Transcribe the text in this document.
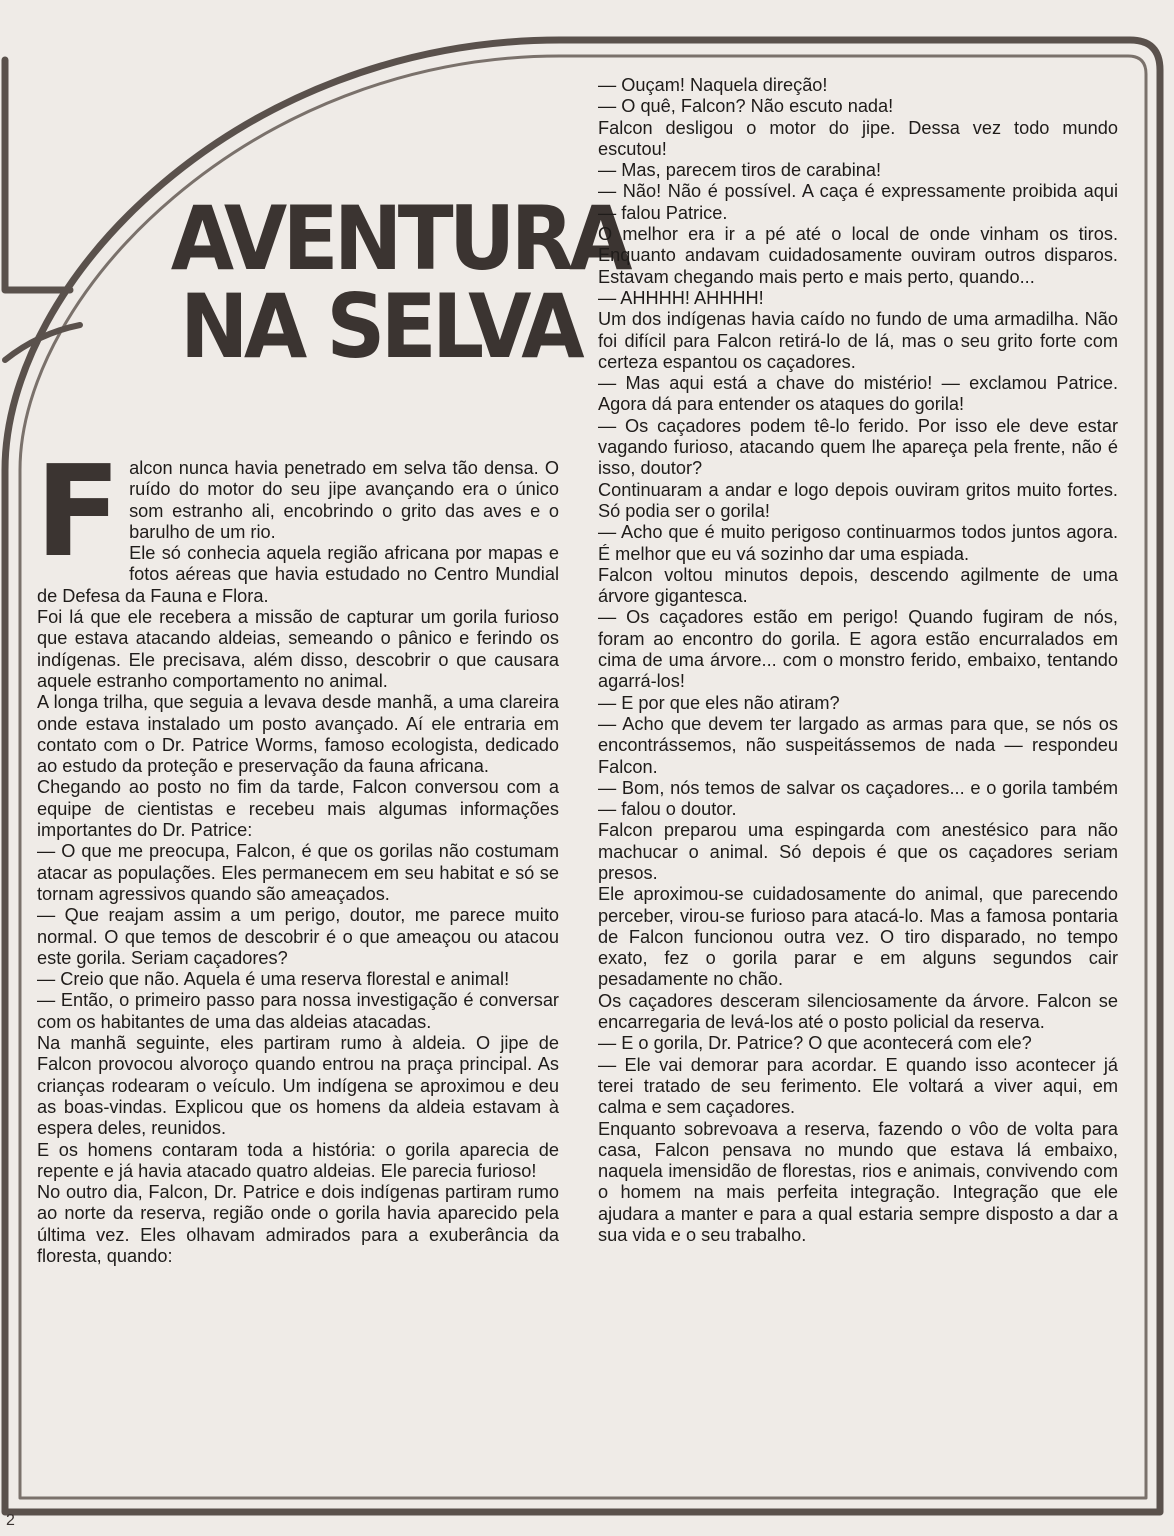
AVENTURA
NA SELVA
F alcon nunca havia penetrado em selva tão densa. O ruído do motor do seu jipe avançando era o único som estranho ali, encobrindo o grito das aves e o barulho de um rio.

Ele só conhecia aquela região africana por mapas e fotos aéreas que havia estudado no Centro Mundial de Defesa da Fauna e Flora.

Foi lá que ele recebera a missão de capturar um gorila furioso que estava atacando aldeias, semeando o pânico e ferindo os indígenas. Ele precisava, além disso, descobrir o que causara aquele estranho comportamento no animal.

A longa trilha, que seguia a levava desde manhã, a uma clareira onde estava instalado um posto avançado. Aí ele entraria em contato com o Dr. Patrice Worms, famoso ecologista, dedicado ao estudo da proteção e preservação da fauna africana.

Chegando ao posto no fim da tarde, Falcon conversou com a equipe de cientistas e recebeu mais algumas informações importantes do Dr. Patrice:

— O que me preocupa, Falcon, é que os gorilas não costumam atacar as populações. Eles permanecem em seu habitat e só se tornam agressivos quando são ameaçados.

— Que reajam assim a um perigo, doutor, me parece muito normal. O que temos de descobrir é o que ameaçou ou atacou este gorila. Seriam caçadores?

— Creio que não. Aquela é uma reserva florestal e animal!

— Então, o primeiro passo para nossa investigação é conversar com os habitantes de uma das aldeias atacadas.

Na manhã seguinte, eles partiram rumo à aldeia. O jipe de Falcon provocou alvoroço quando entrou na praça principal. As crianças rodearam o veículo. Um indígena se aproximou e deu as boas-vindas. Explicou que os homens da aldeia estavam à espera deles, reunidos.

E os homens contaram toda a história: o gorila aparecia de repente e já havia atacado quatro aldeias. Ele parecia furioso!

No outro dia, Falcon, Dr. Patrice e dois indígenas partiram rumo ao norte da reserva, região onde o gorila havia aparecido pela última vez. Eles olhavam admirados para a exuberância da floresta, quando:

— Ouçam! Naquela direção!

— O quê, Falcon? Não escuto nada!

Falcon desligou o motor do jipe. Dessa vez todo mundo escutou!

— Mas, parecem tiros de carabina!

— Não! Não é possível. A caça é expressamente proibida aqui — falou Patrice.

O melhor era ir a pé até o local de onde vinham os tiros. Enquanto andavam cuidadosamente ouviram outros disparos. Estavam chegando mais perto e mais perto, quando...

— AHHHH! AHHHH!

Um dos indígenas havia caído no fundo de uma armadilha. Não foi difícil para Falcon retirá-lo de lá, mas o seu grito forte com certeza espantou os caçadores.

— Mas aqui está a chave do mistério! — exclamou Patrice. Agora dá para entender os ataques do gorila!

— Os caçadores podem tê-lo ferido. Por isso ele deve estar vagando furioso, atacando quem lhe apareça pela frente, não é isso, doutor?

Continuaram a andar e logo depois ouviram gritos muito fortes. Só podia ser o gorila!

— Acho que é muito perigoso continuarmos todos juntos agora. É melhor que eu vá sozinho dar uma espiada.

Falcon voltou minutos depois, descendo agilmente de uma árvore gigantesca.

— Os caçadores estão em perigo! Quando fugiram de nós, foram ao encontro do gorila. E agora estão encurralados em cima de uma árvore... com o monstro ferido, embaixo, tentando agarrá-los!

— E por que eles não atiram?

— Acho que devem ter largado as armas para que, se nós os encontrássemos, não suspeitássemos de nada — respondeu Falcon.

— Bom, nós temos de salvar os caçadores... e o gorila também — falou o doutor.

Falcon preparou uma espingarda com anestésico para não machucar o animal. Só depois é que os caçadores seriam presos.

Ele aproximou-se cuidadosamente do animal, que parecendo perceber, virou-se furioso para atacá-lo. Mas a famosa pontaria de Falcon funcionou outra vez. O tiro disparado, no tempo exato, fez o gorila parar e em alguns segundos cair pesadamente no chão.

Os caçadores desceram silenciosamente da árvore. Falcon se encarregaria de levá-los até o posto policial da reserva.

— E o gorila, Dr. Patrice? O que acontecerá com ele?

— Ele vai demorar para acordar. E quando isso acontecer já terei tratado de seu ferimento. Ele voltará a viver aqui, em calma e sem caçadores.

Enquanto sobrevoava a reserva, fazendo o vôo de volta para casa, Falcon pensava no mundo que estava lá embaixo, naquela imensidão de florestas, rios e animais, convivendo com o homem na mais perfeita integração. Integração que ele ajudara a manter e para a qual estaria sempre disposto a dar a sua vida e o seu trabalho.

2
